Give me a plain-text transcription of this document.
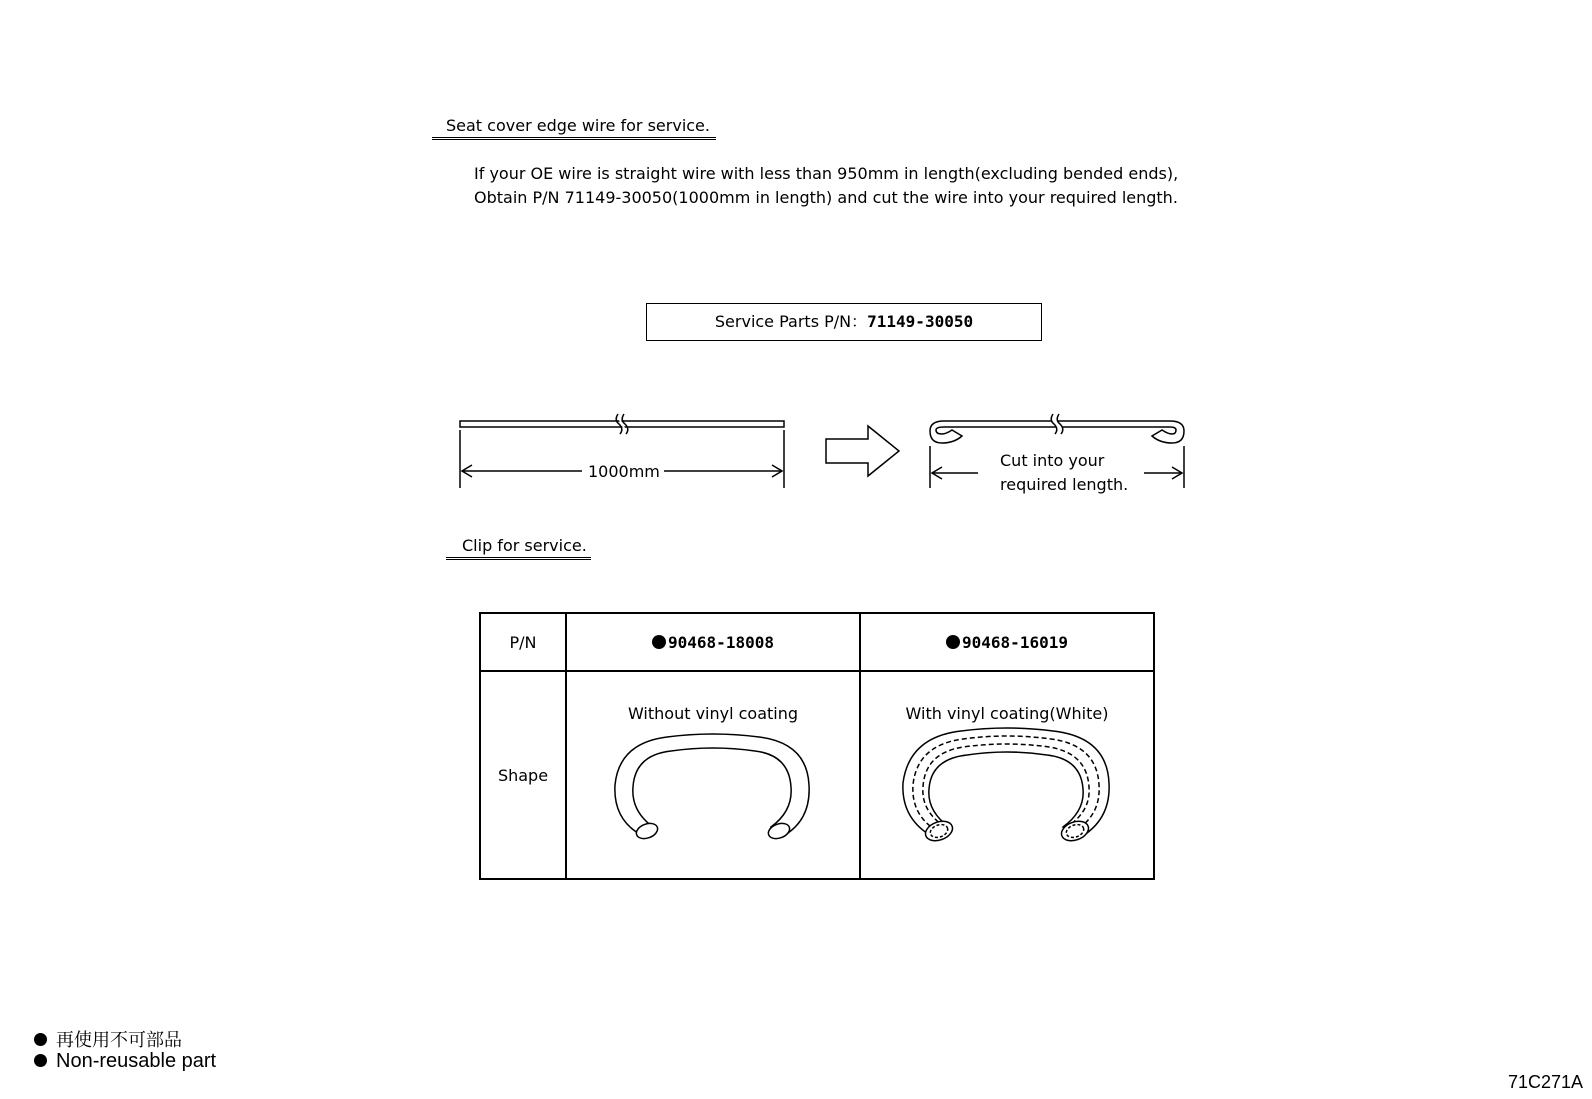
Seat cover edge wire for service.
If your OE wire is straight wire with less than 950mm in length(excluding bended ends),
Obtain P/N 71149-30050(1000mm in length) and cut the wire into your required length.
Service Parts P/N：71149-30050
1000mm
Cut into your
required length.
Clip for service.
P/N	90468-18008	90468-16019
Shape	Without vinyl coating	With vinyl coating(White)
再使用不可部品
Non-reusable part
71C271A
